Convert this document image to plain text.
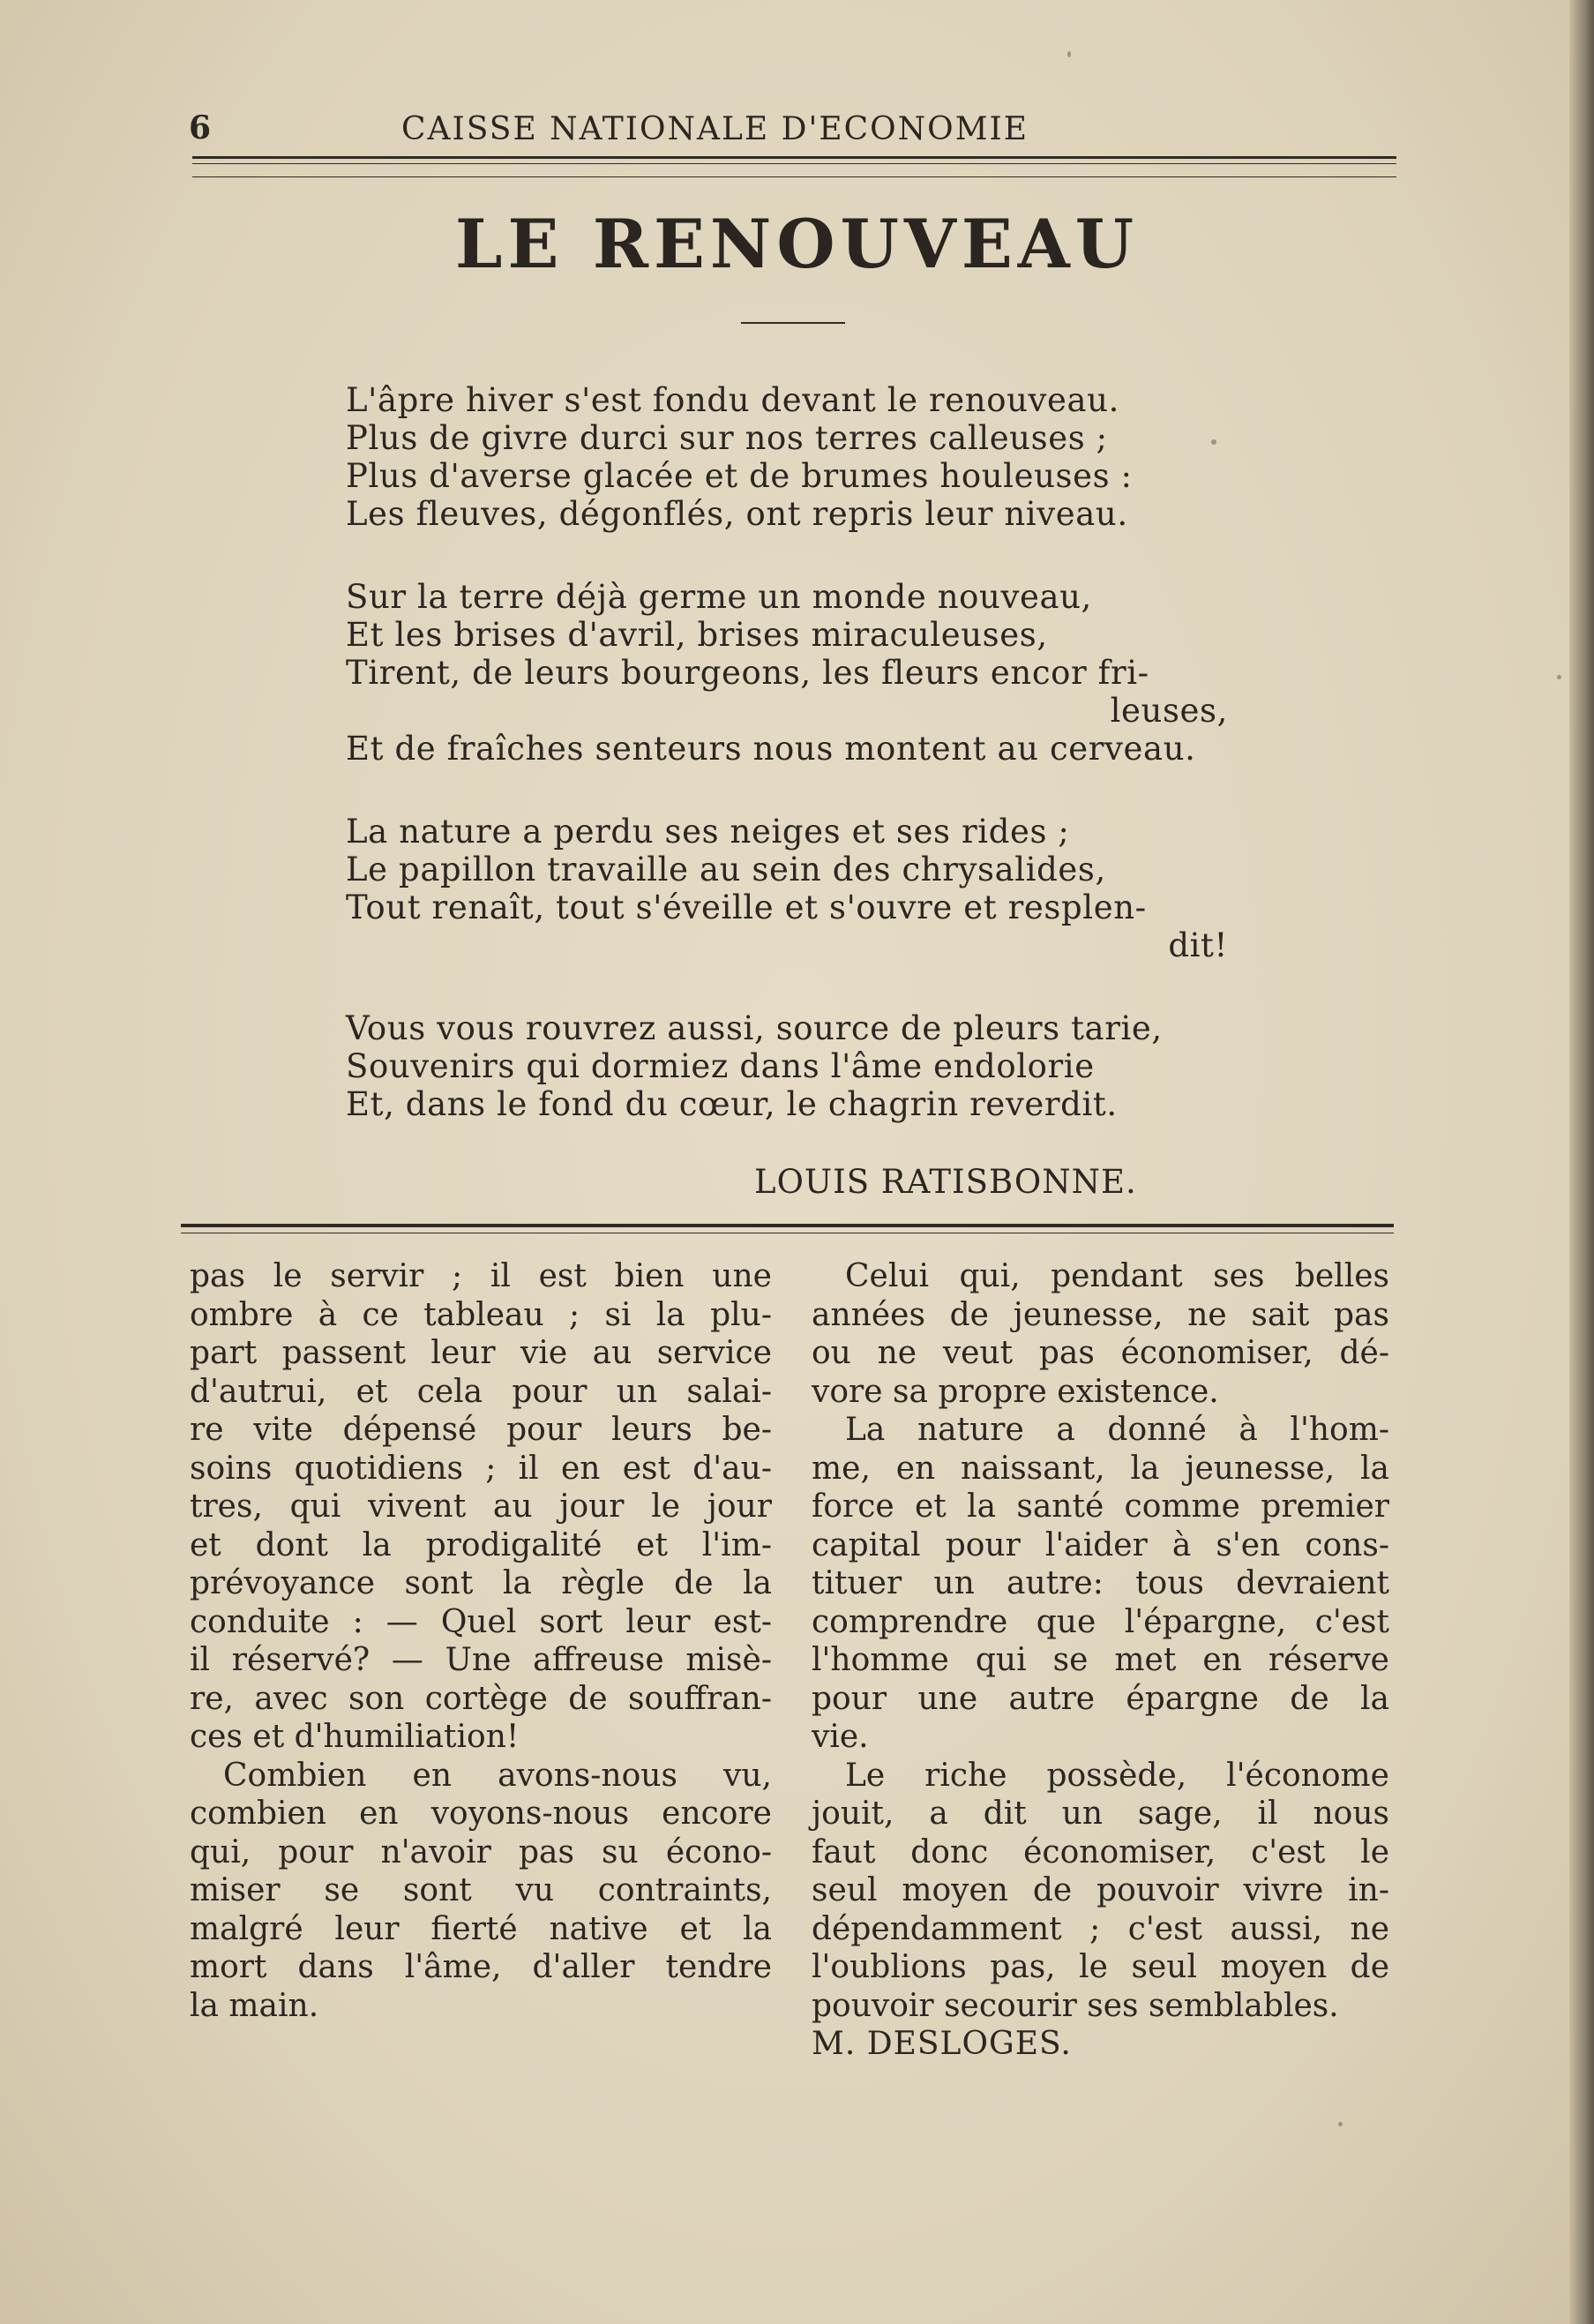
6	CAISSE NATIONALE D'ECONOMIE
LE RENOUVEAU
L'âpre hiver s'est fondu devant le renouveau.
Plus de givre durci sur nos terres calleuses ;
Plus d'averse glacée et de brumes houleuses :
Les fleuves, dégonflés, ont repris leur niveau.
Sur la terre déjà germe un monde nouveau,
Et les brises d'avril, brises miraculeuses,
Tirent, de leurs bourgeons, les fleurs encor fri-
leuses,
Et de fraîches senteurs nous montent au cerveau.
La nature a perdu ses neiges et ses rides ;
Le papillon travaille au sein des chrysalides,
Tout renaît, tout s'éveille et s'ouvre et resplen-
dit!
Vous vous rouvrez aussi, source de pleurs tarie,
Souvenirs qui dormiez dans l'âme endolorie
Et, dans le fond du cœur, le chagrin reverdit.
LOUIS RATISBONNE.

pas le servir ; il est bien une
ombre à ce tableau ; si la plu-
part passent leur vie au service
d'autrui, et cela pour un salai-
re vite dépensé pour leurs be-
soins quotidiens ; il en est d'au-
tres, qui vivent au jour le jour
et dont la prodigalité et l'im-
prévoyance sont la règle de la
conduite : — Quel sort leur est-
il réservé? — Une affreuse misè-
re, avec son cortège de souffran-
ces et d'humiliation!

Combien en avons-nous vu,
combien en voyons-nous encore
qui, pour n'avoir pas su écono-
miser se sont vu contraints,
malgré leur fierté native et la
mort dans l'âme, d'aller tendre
la main.

Celui qui, pendant ses belles
années de jeunesse, ne sait pas
ou ne veut pas économiser, dé-
vore sa propre existence.

La nature a donné à l'hom-
me, en naissant, la jeunesse, la
force et la santé comme premier
capital pour l'aider à s'en cons-
tituer un autre: tous devraient
comprendre que l'épargne, c'est
l'homme qui se met en réserve
pour une autre épargne de la
vie.

Le riche possède, l'économe
jouit, a dit un sage, il nous
faut donc économiser, c'est le
seul moyen de pouvoir vivre in-
dépendamment ; c'est aussi, ne
l'oublions pas, le seul moyen de
pouvoir secourir ses semblables.

M. DESLOGES.
